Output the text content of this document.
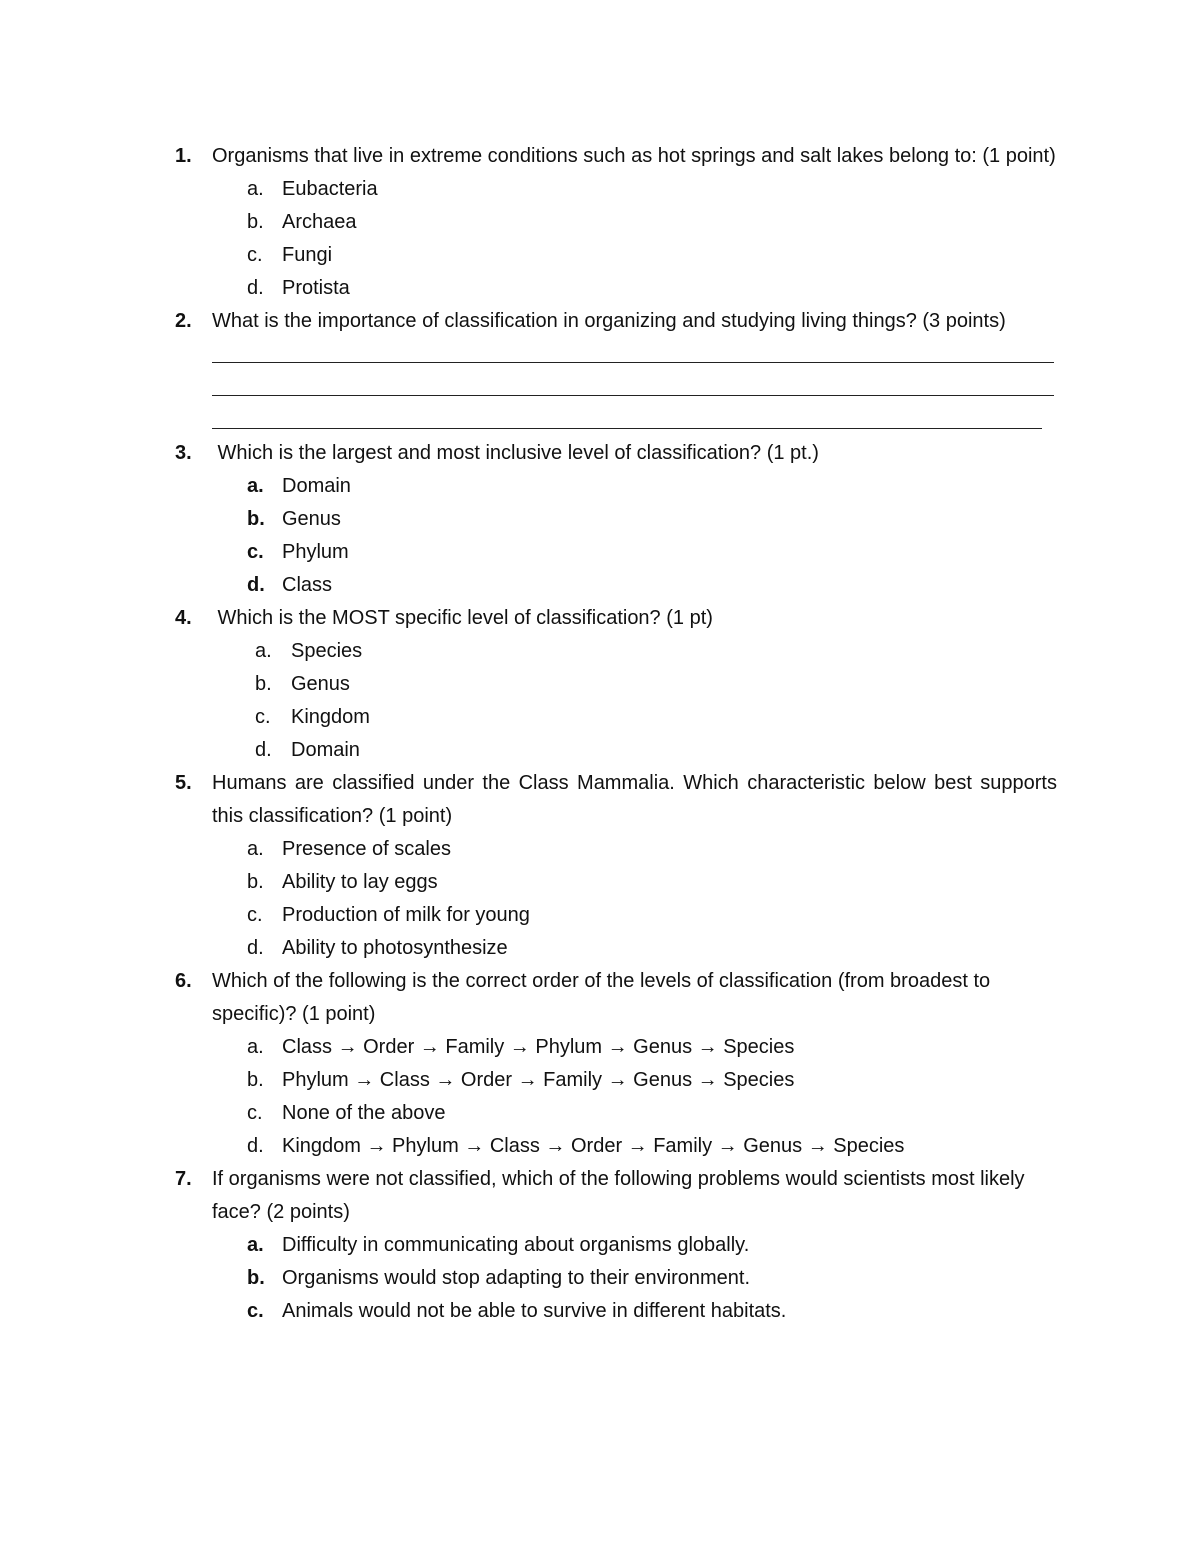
1. Organisms that live in extreme conditions such as hot springs and salt lakes belong to: (1 point)
a. Eubacteria
b. Archaea
c. Fungi
d. Protista
2. What is the importance of classification in organizing and studying living things? (3 points)
3. Which is the largest and most inclusive level of classification? (1 pt.)
a. Domain
b. Genus
c. Phylum
d. Class
4. Which is the MOST specific level of classification? (1 pt)
a. Species
b. Genus
c. Kingdom
d. Domain
5. Humans are classified under the Class Mammalia. Which characteristic below best supports this classification? (1 point)
a. Presence of scales
b. Ability to lay eggs
c. Production of milk for young
d. Ability to photosynthesize
6. Which of the following is the correct order of the levels of classification (from broadest to specific)? (1 point)
a. Class → Order → Family → Phylum → Genus → Species
b. Phylum → Class → Order → Family → Genus → Species
c. None of the above
d. Kingdom → Phylum → Class → Order → Family → Genus → Species
7. If organisms were not classified, which of the following problems would scientists most likely face? (2 points)
a. Difficulty in communicating about organisms globally.
b. Organisms would stop adapting to their environment.
c. Animals would not be able to survive in different habitats.
